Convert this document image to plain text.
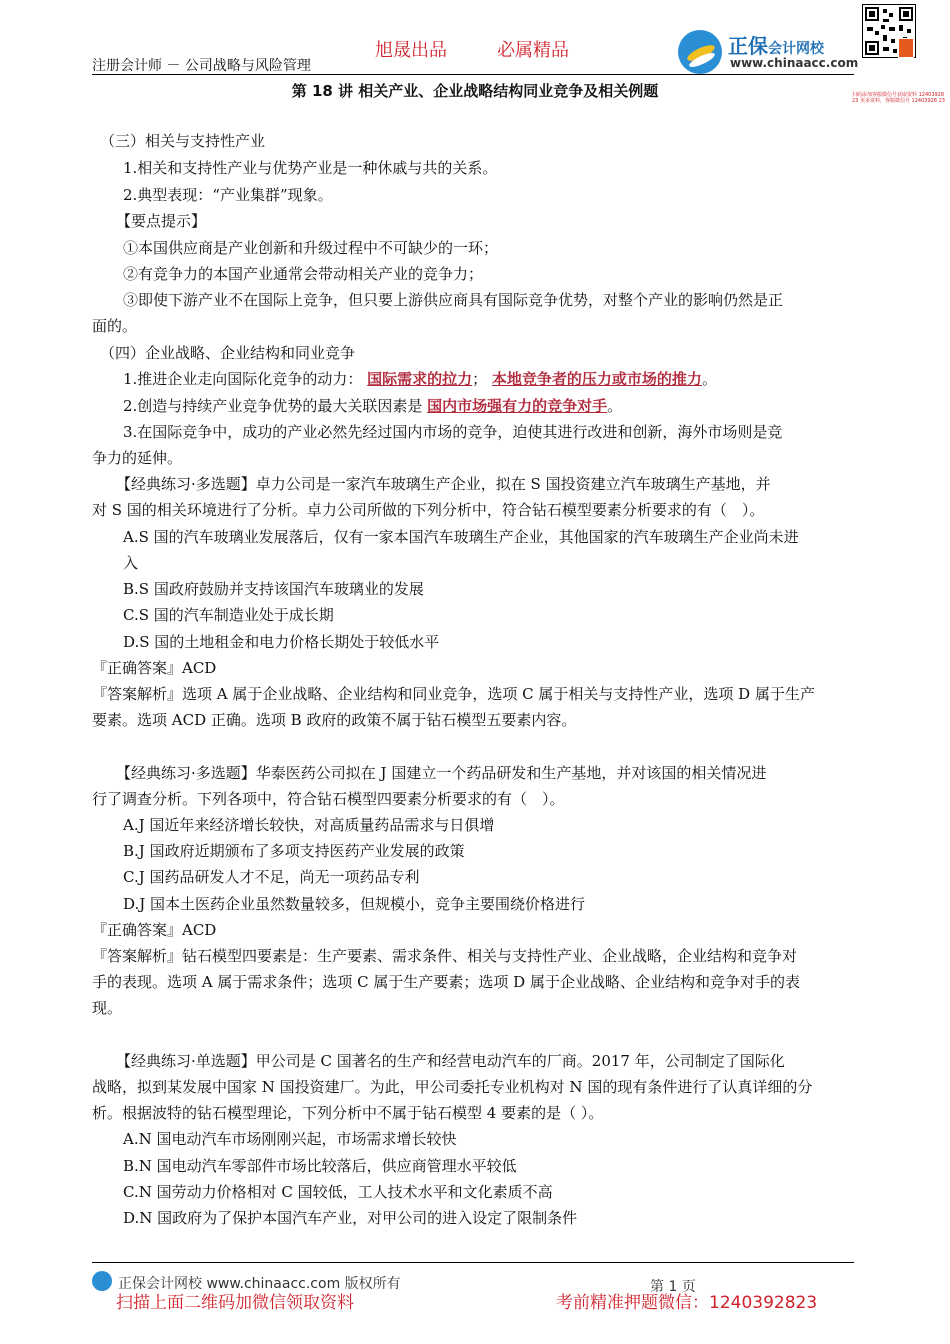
注册会计师 － 公司战略与风险管理
旭晟出品	必属精品	正保会计网校
www.chinaacc.com
扫码添加客服微信号获取资料 12403928 23 更多资料，客服微信号 12403928 23
第 18 讲 相关产业、企业战略结构同业竞争及相关例题
（三）相关与支持性产业
1.相关和支持性产业与优势产业是一种休戚与共的关系。
2.典型表现：“产业集群”现象。
【要点提示】
①本国供应商是产业创新和升级过程中不可缺少的一环；
②有竞争力的本国产业通常会带动相关产业的竞争力；
③即使下游产业不在国际上竞争，但只要上游供应商具有国际竞争优势，对整个产业的影响仍然是正
面的。
（四）企业战略、企业结构和同业竞争
1.推进企业走向国际化竞争的动力： 国际需求的拉力； 本地竞争者的压力或市场的推力。
2.创造与持续产业竞争优势的最大关联因素是 国内市场强有力的竞争对手。
3.在国际竞争中，成功的产业必然先经过国内市场的竞争，迫使其进行改进和创新，海外市场则是竞
争力的延伸。
【经典练习·多选题】卓力公司是一家汽车玻璃生产企业，拟在 S 国投资建立汽车玻璃生产基地，并
对 S 国的相关环境进行了分析。卓力公司所做的下列分析中，符合钻石模型要素分析要求的有（　）。
A.S 国的汽车玻璃业发展落后，仅有一家本国汽车玻璃生产企业，其他国家的汽车玻璃生产企业尚未进
入
B.S 国政府鼓励并支持该国汽车玻璃业的发展
C.S 国的汽车制造业处于成长期
D.S 国的土地租金和电力价格长期处于较低水平
『正确答案』ACD
『答案解析』选项 A 属于企业战略、企业结构和同业竞争，选项 C 属于相关与支持性产业，选项 D 属于生产
要素。选项 ACD 正确。选项 B 政府的政策不属于钻石模型五要素内容。
【经典练习·多选题】华泰医药公司拟在 J 国建立一个药品研发和生产基地，并对该国的相关情况进
行了调查分析。下列各项中，符合钻石模型四要素分析要求的有（　）。
A.J 国近年来经济增长较快，对高质量药品需求与日俱增
B.J 国政府近期颁布了多项支持医药产业发展的政策
C.J 国药品研发人才不足，尚无一项药品专利
D.J 国本土医药企业虽然数量较多，但规模小，竞争主要围绕价格进行
『正确答案』ACD
『答案解析』钻石模型四要素是：生产要素、需求条件、相关与支持性产业、企业战略，企业结构和竞争对
手的表现。选项 A 属于需求条件；选项 C 属于生产要素；选项 D 属于企业战略、企业结构和竞争对手的表
现。
【经典练习·单选题】甲公司是 C 国著名的生产和经营电动汽车的厂商。2017 年，公司制定了国际化
战略，拟到某发展中国家 N 国投资建厂。为此，甲公司委托专业机构对 N 国的现有条件进行了认真详细的分
析。根据波特的钻石模型理论，下列分析中不属于钻石模型 4 要素的是（ ）。
A.N 国电动汽车市场刚刚兴起，市场需求增长较快
B.N 国电动汽车零部件市场比较落后，供应商管理水平较低
C.N 国劳动力价格相对 C 国较低，工人技术水平和文化素质不高
D.N 国政府为了保护本国汽车产业，对甲公司的进入设定了限制条件
正保会计网校 www.chinaacc.com 版权所有	第 1 页
扫描上面二维码加微信领取资料	考前精准押题微信：1240392823
